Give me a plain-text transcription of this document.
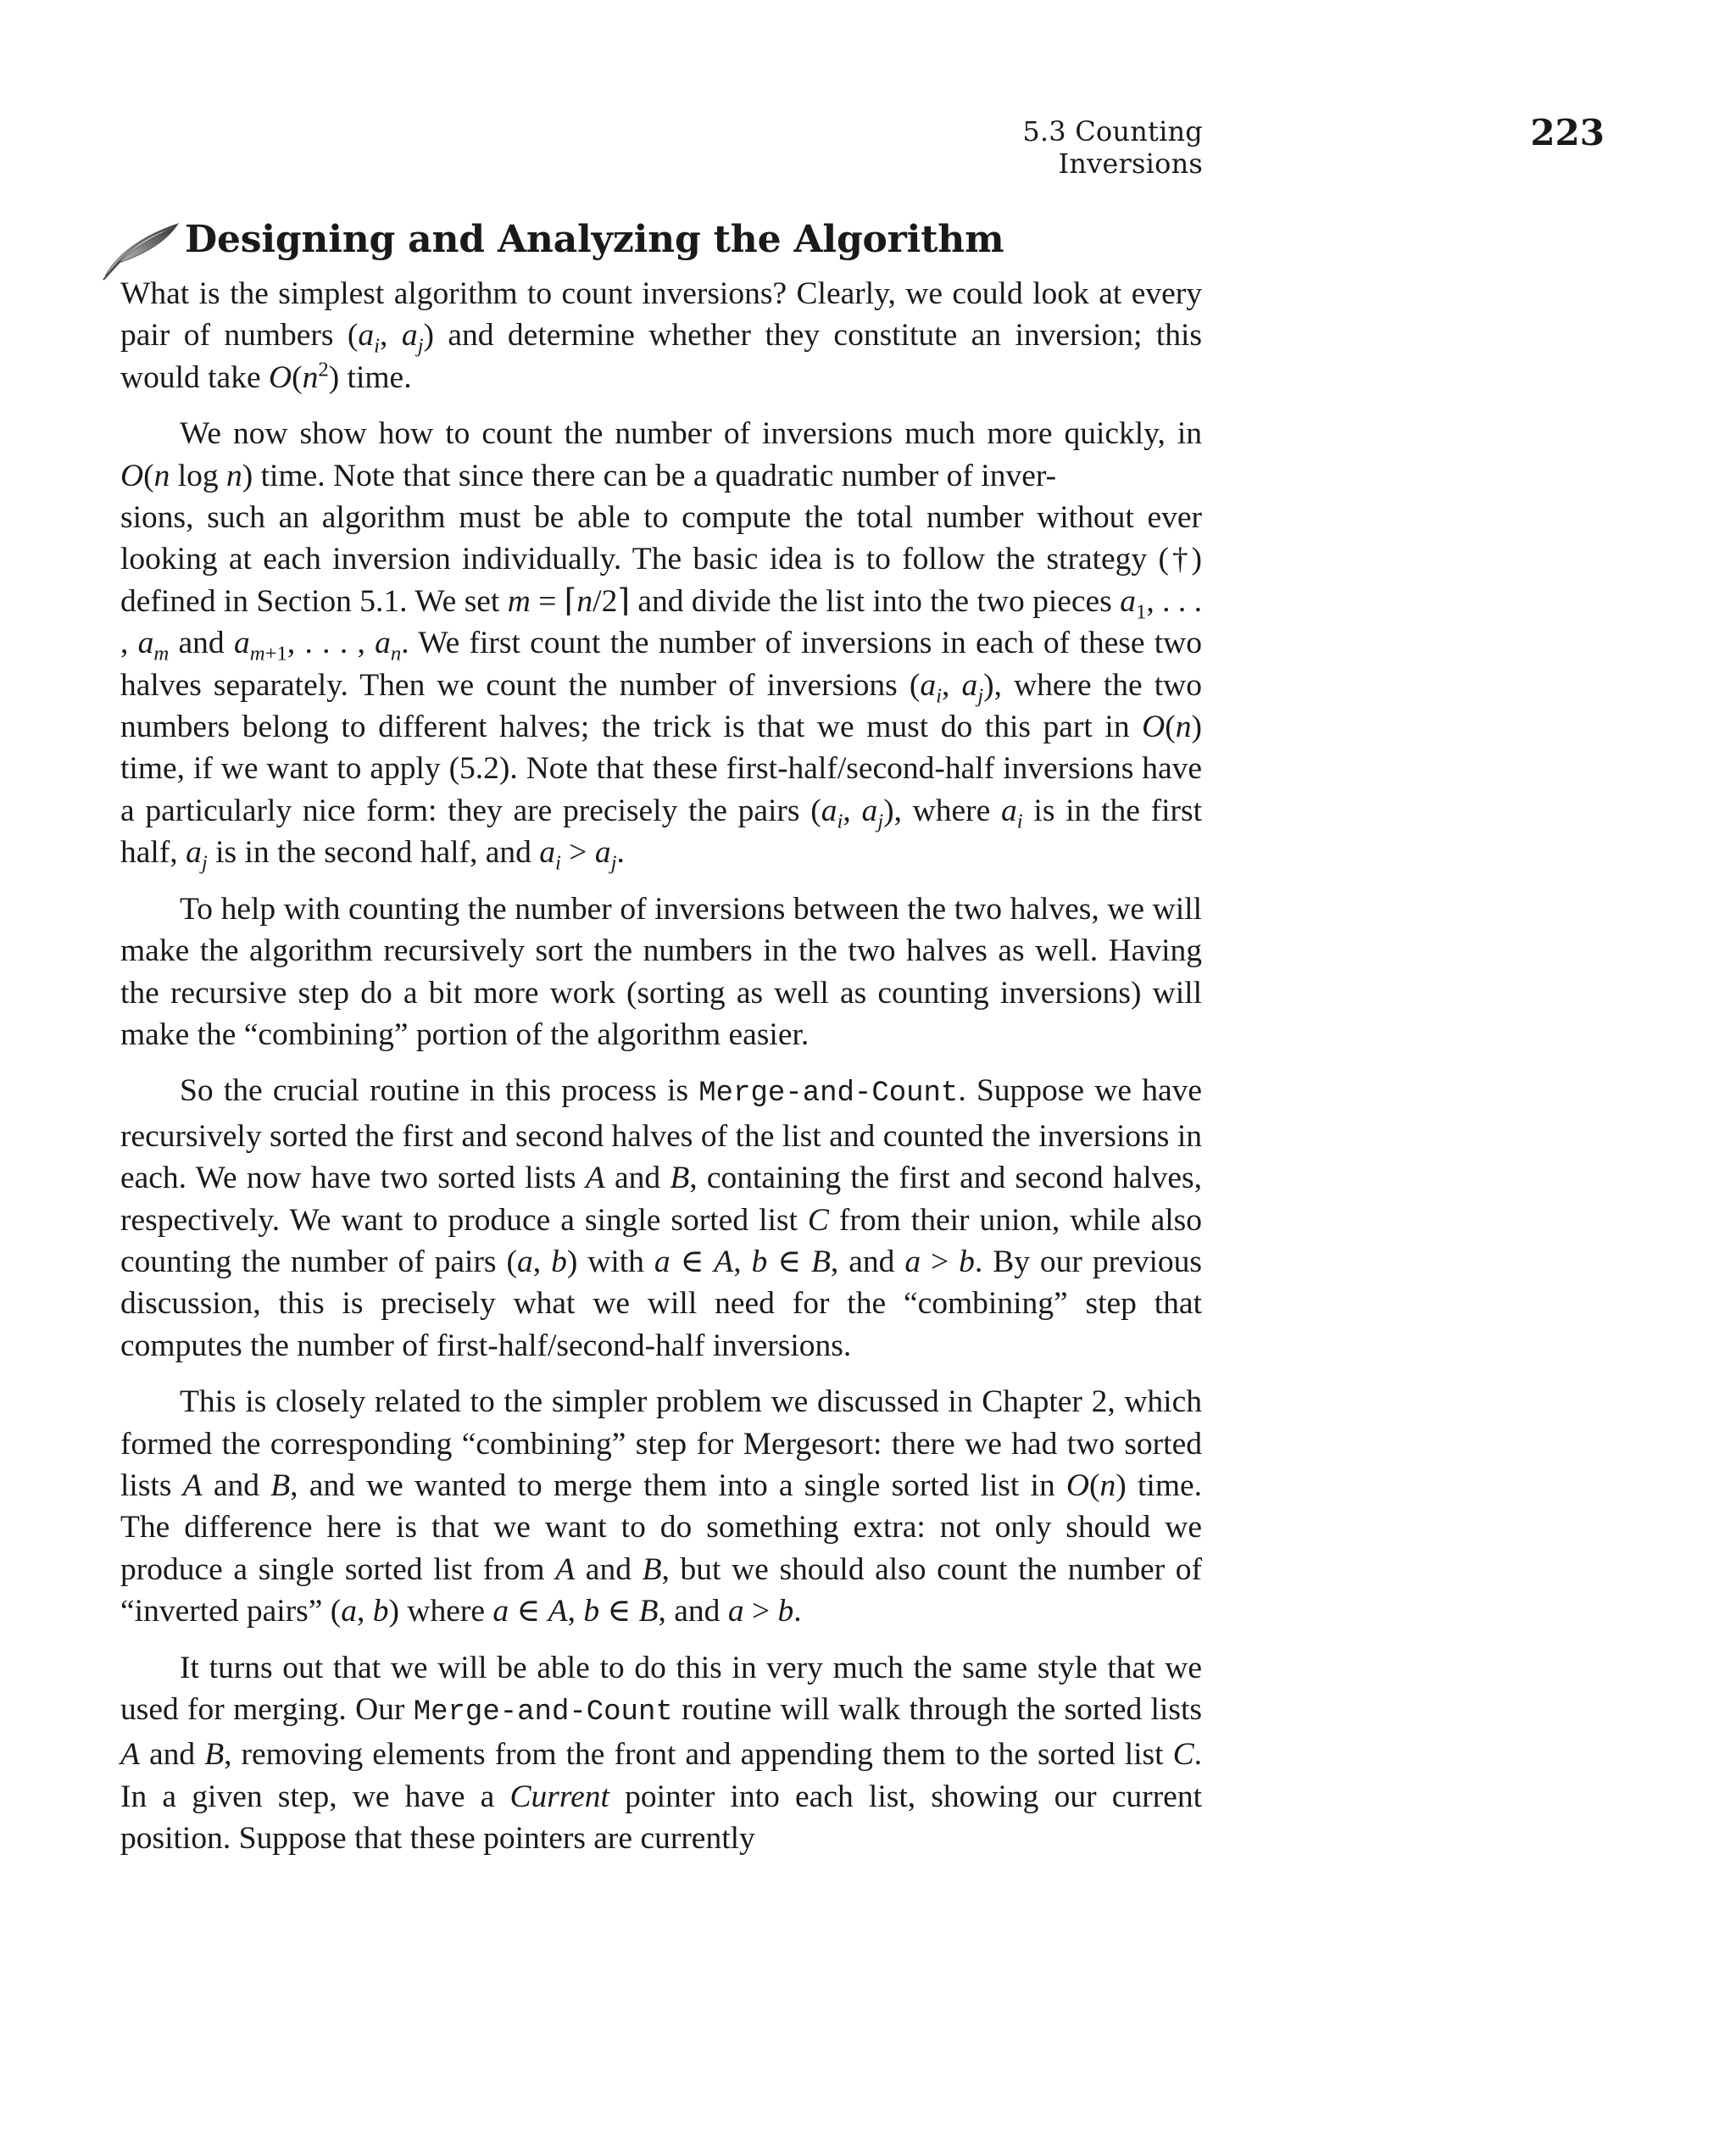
5.3 Counting Inversions
223
Designing and Analyzing the Algorithm

What is the simplest algorithm to count inversions? Clearly, we could look at every pair of numbers ($a_i$, $a_j$) and determine whether they constitute an inversion; this would take $O(n^2)$ time.

We now show how to count the number of inversions much more quickly, in O(n log n) time. Note that since there can be a quadratic number of inver-
sions, such an algorithm must be able to compute the total number without ever looking at each inversion individually. The basic idea is to follow the strategy (†) defined in Section 5.1. We set m = ⌈n/2⌉ and divide the list into the two pieces $a_1$, . . . , $a_m$ and $a_{m+1}$, . . . , $a_n$. We first count the number of inversions in each of these two halves separately. Then we count the number of inversions ($a_i$, $a_j$), where the two numbers belong to different halves; the trick is that we must do this part in O(n) time, if we want to apply (5.2). Note that these first-half/second-half inversions have a particularly nice form: they are precisely the pairs ($a_i$, $a_j$), where $a_i$ is in the first half, $a_j$ is in the second half, and $a_i > a_j$.

To help with counting the number of inversions between the two halves, we will make the algorithm recursively sort the numbers in the two halves as well. Having the recursive step do a bit more work (sorting as well as counting inversions) will make the “combining” portion of the algorithm easier.

So the crucial routine in this process is Merge-and-Count. Suppose we have recursively sorted the first and second halves of the list and counted the inversions in each. We now have two sorted lists A and B, containing the first and second halves, respectively. We want to produce a single sorted list C from their union, while also counting the number of pairs (a, b) with a ∈ A, b ∈ B, and a > b. By our previous discussion, this is precisely what we will need for the “combining” step that computes the number of first-half/second-half inversions.

This is closely related to the simpler problem we discussed in Chapter 2, which formed the corresponding “combining” step for Mergesort: there we had two sorted lists A and B, and we wanted to merge them into a single sorted list in O(n) time. The difference here is that we want to do something extra: not only should we produce a single sorted list from A and B, but we should also count the number of “inverted pairs” (a, b) where a ∈ A, b ∈ B, and a > b.

It turns out that we will be able to do this in very much the same style that we used for merging. Our Merge-and-Count routine will walk through the sorted lists A and B, removing elements from the front and appending them to the sorted list C. In a given step, we have a Current pointer into each list, showing our current position. Suppose that these pointers are currently
